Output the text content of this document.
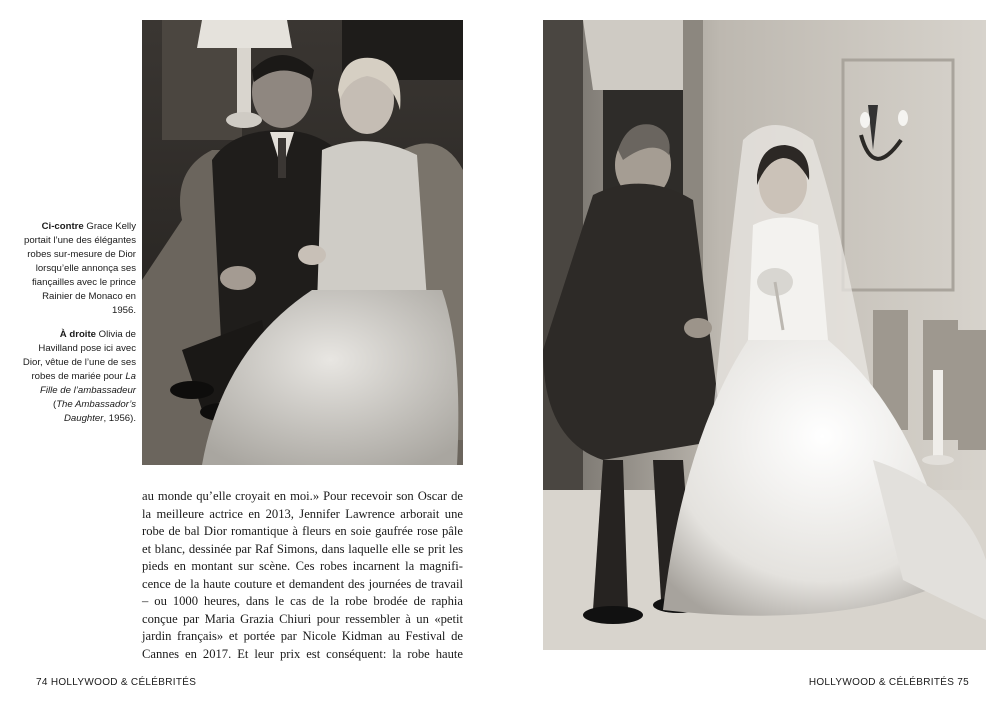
Ci-contre Grace Kelly portait l’une des élégantes robes sur-mesure de Dior lorsqu’elle annonça ses fiançailles avec le prince Rainier de Monaco en 1956.

À droite Olivia de Havilland pose ici avec Dior, vêtue de l’une de ses robes de mariée pour La Fille de l’ambassadeur (The Ambassador’s Daughter, 1956).

au monde qu’elle croyait en moi.» Pour recevoir son Oscar de
la meilleure actrice en 2013, Jennifer Lawrence arborait une
robe de bal Dior romantique à fleurs en soie gaufrée rose pâle
et blanc, dessinée par Raf Simons, dans laquelle elle se prit les
pieds en montant sur scène. Ces robes incarnent la magnifi-
cence de la haute couture et demandent des journées de travail
– ou 1000 heures, dans le cas de la robe brodée de raphia
conçue par Maria Grazia Chiuri pour ressembler à un «petit
jardin français» et portée par Nicole Kidman au Festival de
Cannes en 2017. Et leur prix est conséquent: la robe haute
74 HOLLYWOOD & CÉLÉBRITÉS	HOLLYWOOD & CÉLÉBRITÉS 75
